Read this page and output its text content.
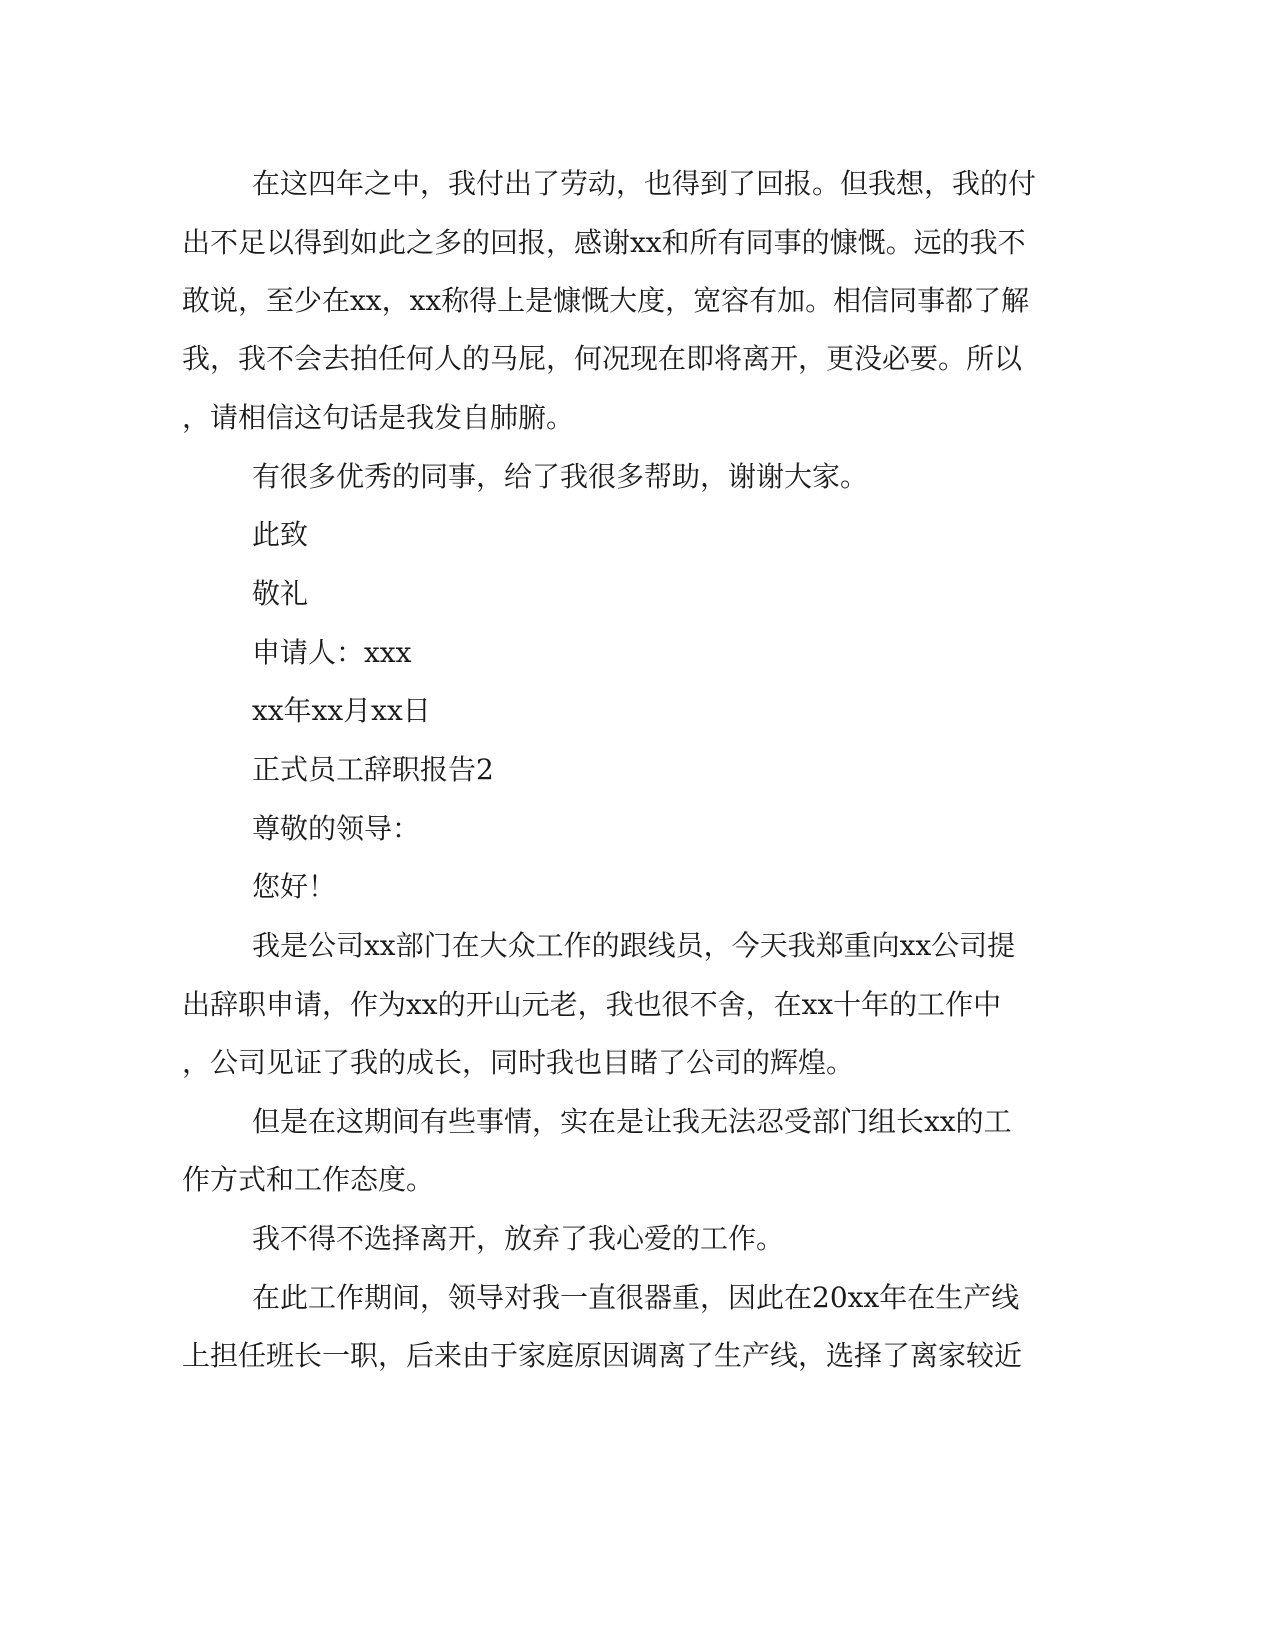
在这四年之中，我付出了劳动，也得到了回报。但我想，我的付
出不足以得到如此之多的回报，感谢xx和所有同事的慷慨。远的我不
敢说，至少在xx，xx称得上是慷慨大度，宽容有加。相信同事都了解
我，我不会去拍任何人的马屁，何况现在即将离开，更没必要。所以
，请相信这句话是我发自肺腑。
有很多优秀的同事，给了我很多帮助，谢谢大家。
此致
敬礼
申请人：xxx
xx年xx月xx日
正式员工辞职报告2
尊敬的领导：
您好！
我是公司xx部门在大众工作的跟线员，今天我郑重向xx公司提
出辞职申请，作为xx的开山元老，我也很不舍，在xx十年的工作中
，公司见证了我的成长，同时我也目睹了公司的辉煌。
但是在这期间有些事情，实在是让我无法忍受部门组长xx的工
作方式和工作态度。
我不得不选择离开，放弃了我心爱的工作。
在此工作期间，领导对我一直很器重，因此在20xx年在生产线
上担任班长一职，后来由于家庭原因调离了生产线，选择了离家较近
